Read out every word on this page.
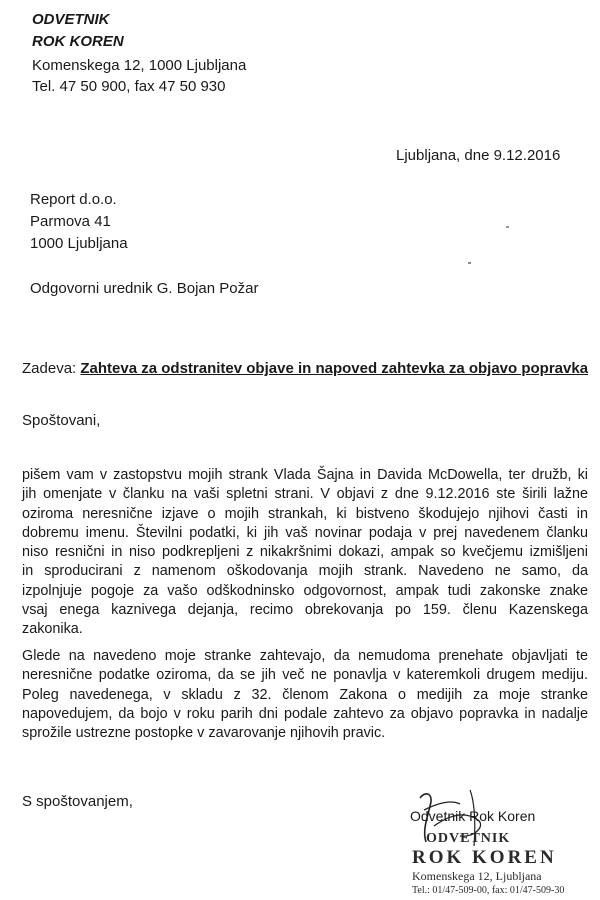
ODVETNIK
ROK KOREN
Komenskega 12, 1000 Ljubljana
Tel. 47 50 900, fax 47 50 930
Ljubljana, dne 9.12.2016
Report d.o.o.
Parmova 41
1000 Ljubljana
Odgovorni urednik G. Bojan Požar
Zadeva: Zahteva za odstranitev objave in napoved zahtevka za objavo popravka
Spoštovani,
pišem vam v zastopstvu mojih strank Vlada Šajna in Davida McDowella, ter družb, ki
jih omenjate v članku na vaši spletni strani. V objavi z dne 9.12.2016 ste širili lažne
oziroma neresnične izjave o mojih strankah, ki bistveno škodujejo njihovi časti in
dobremu imenu. Številni podatki, ki jih vaš novinar podaja v prej navedenem članku
niso resnični in niso podkrepljeni z nikakršnimi dokazi, ampak so kvečjemu izmišljeni
in sproducirani z namenom oškodovanja mojih strank. Navedeno ne samo, da
izpolnjuje pogoje za vašo odškodninsko odgovornost, ampak tudi zakonske znake
vsaj enega kaznivega dejanja, recimo obrekovanja po 159. členu Kazenskega
zakonika.
Glede na navedeno moje stranke zahtevajo, da nemudoma prenehate objavljati te
neresnične podatke oziroma, da se jih več ne ponavlja v kateremkoli drugem mediju.
Poleg navedenega, v skladu z 32. členom Zakona o medijih za moje stranke
napovedujem, da bojo v roku parih dni podale zahtevo za objavo popravka in nadalje
sprožile ustrezne postopke v zavarovanje njihovih pravic.
S spoštovanjem,
Odvetnik Rok Koren
ODVETNIK
ROK KOREN
Komenskega 12, Ljubljana
Tel.: 01/47-509-00, fax: 01/47-509-30
